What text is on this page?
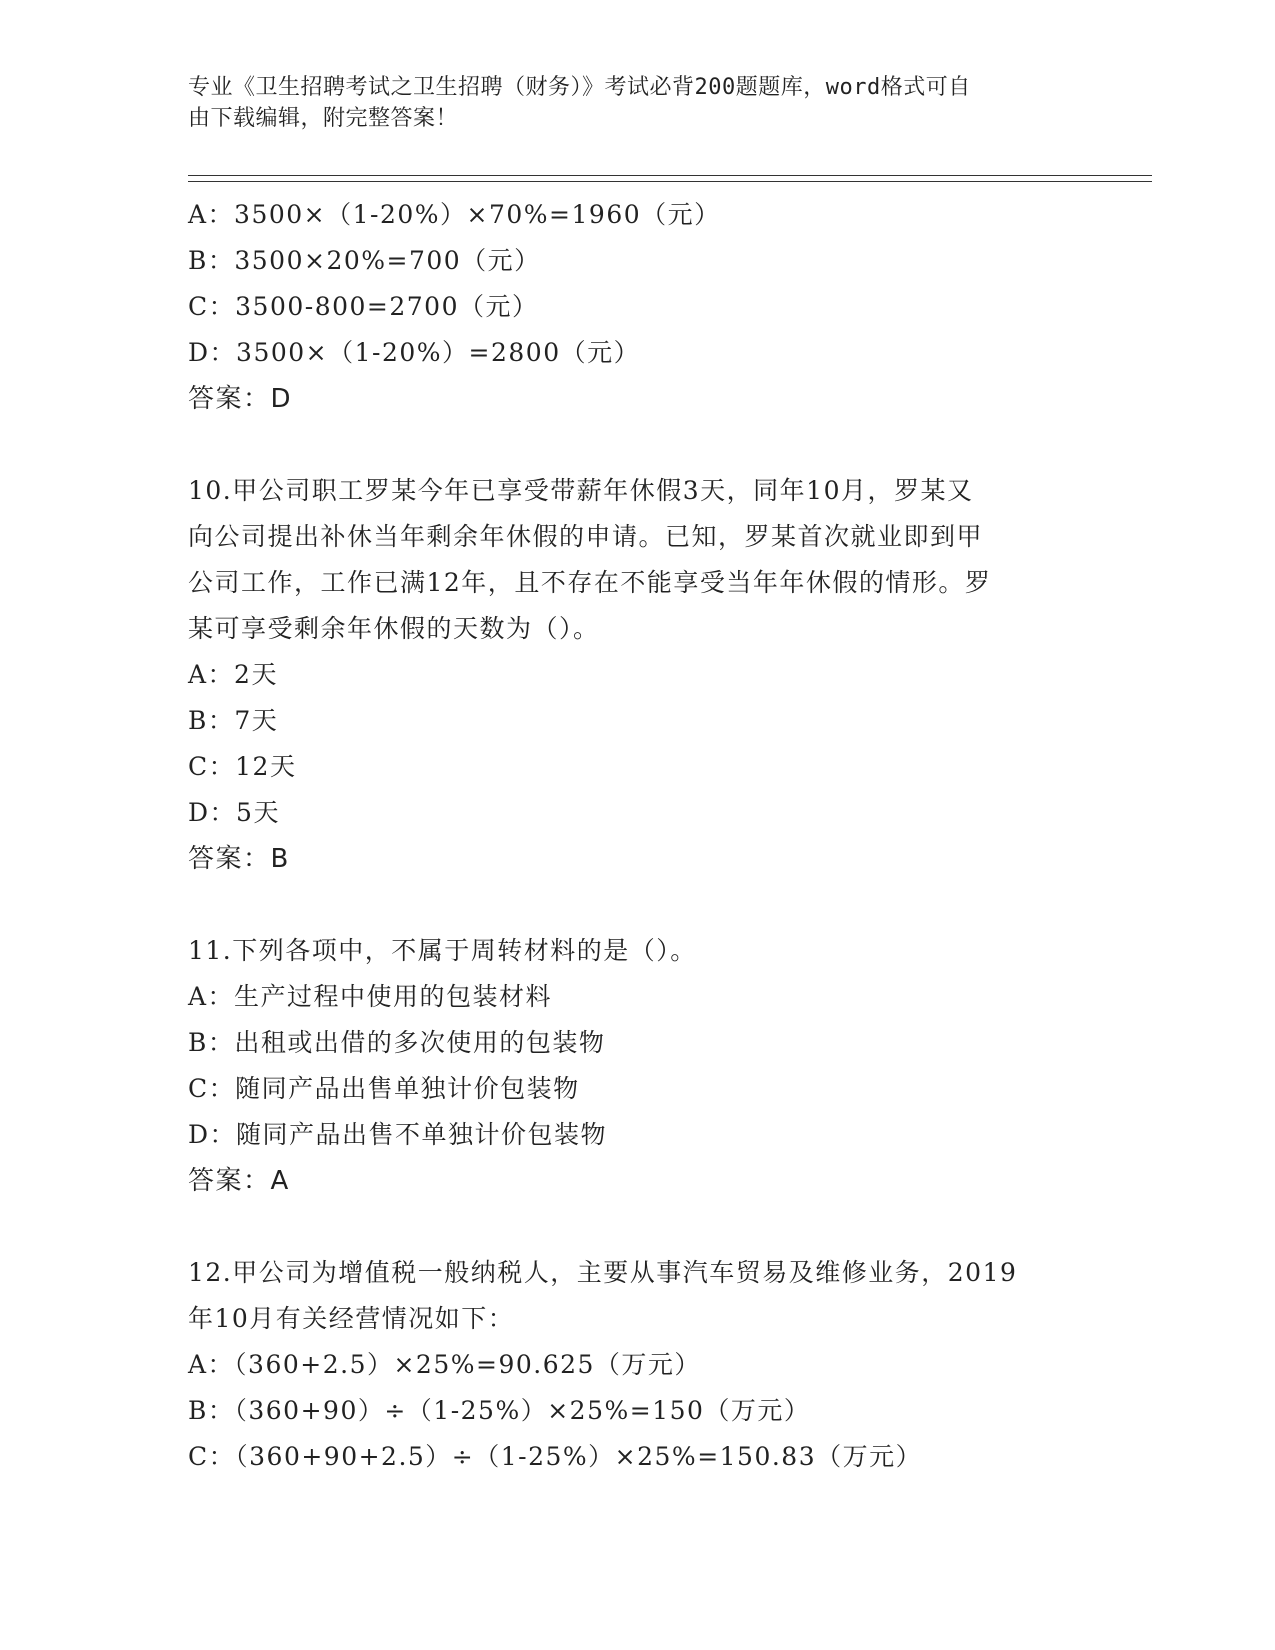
专业《卫生招聘考试之卫生招聘（财务）》考试必背200题题库，word格式可自
由下载编辑，附完整答案！
A：3500×（1-20%）×70%=1960（元）
B：3500×20%=700（元）
C：3500-800=2700（元）
D：3500×（1-20%）=2800（元）
答案：D
10.甲公司职工罗某今年已享受带薪年休假3天，同年10月，罗某又
向公司提出补休当年剩余年休假的申请。已知，罗某首次就业即到甲
公司工作，工作已满12年，且不存在不能享受当年年休假的情形。罗
某可享受剩余年休假的天数为（）。
A：2天
B：7天
C：12天
D：5天
答案：B
11.下列各项中，不属于周转材料的是（）。
A：生产过程中使用的包装材料
B：出租或出借的多次使用的包装物
C：随同产品出售单独计价包装物
D：随同产品出售不单独计价包装物
答案：A
12.甲公司为增值税一般纳税人，主要从事汽车贸易及维修业务，2019
年10月有关经营情况如下：
A：（360+2.5）×25%=90.625（万元）
B：（360+90）÷（1-25%）×25%=150（万元）
C：（360+90+2.5）÷（1-25%）×25%=150.83（万元）
